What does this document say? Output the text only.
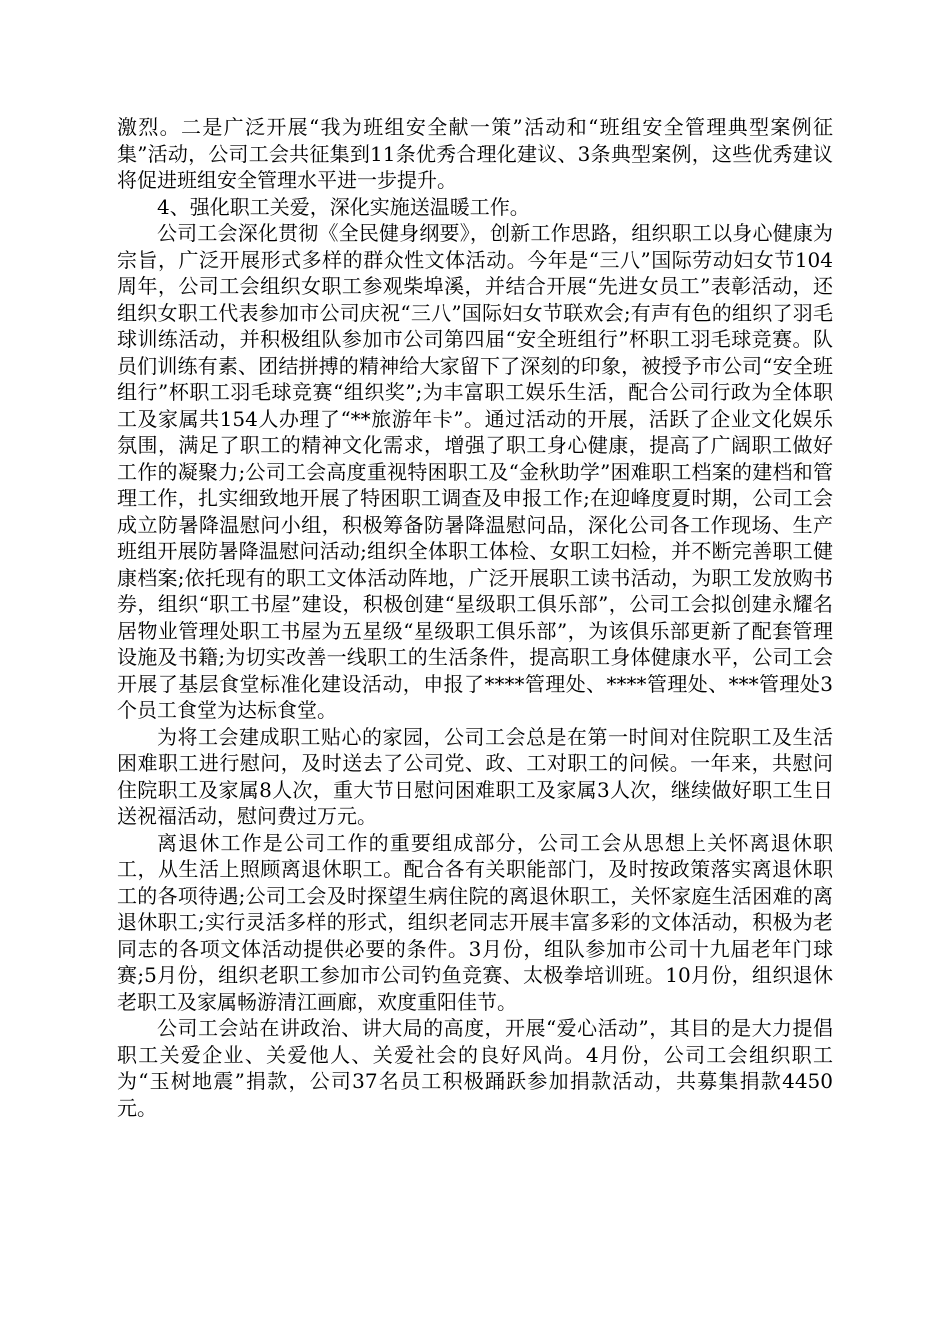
激烈。二是广泛开展“我为班组安全献一策”活动和“班组安全管理典型案例征集”活动，公司工会共征集到11条优秀合理化建议、3条典型案例，这些优秀建议将促进班组安全管理水平进一步提升。

4、强化职工关爱，深化实施送温暖工作。

公司工会深化贯彻《全民健身纲要》，创新工作思路，组织职工以身心健康为宗旨，广泛开展形式多样的群众性文体活动。今年是“三八”国际劳动妇女节104周年，公司工会组织女职工参观柴埠溪，并结合开展“先进女员工”表彰活动，还组织女职工代表参加市公司庆祝“三八”国际妇女节联欢会;有声有色的组织了羽毛球训练活动，并积极组队参加市公司第四届“安全班组行”杯职工羽毛球竞赛。队员们训练有素、团结拼搏的精神给大家留下了深刻的印象，被授予市公司“安全班组行”杯职工羽毛球竞赛“组织奖”;为丰富职工娱乐生活，配合公司行政为全体职工及家属共154人办理了“**旅游年卡”。通过活动的开展，活跃了企业文化娱乐氛围，满足了职工的精神文化需求，增强了职工身心健康，提高了广阔职工做好工作的凝聚力;公司工会高度重视特困职工及“金秋助学”困难职工档案的建档和管理工作，扎实细致地开展了特困职工调查及申报工作;在迎峰度夏时期，公司工会成立防暑降温慰问小组，积极筹备防暑降温慰问品，深化公司各工作现场、生产班组开展防暑降温慰问活动;组织全体职工体检、女职工妇检，并不断完善职工健康档案;依托现有的职工文体活动阵地，广泛开展职工读书活动，为职工发放购书券，组织“职工书屋”建设，积极创建“星级职工俱乐部”，公司工会拟创建永耀名居物业管理处职工书屋为五星级“星级职工俱乐部”，为该俱乐部更新了配套管理设施及书籍;为切实改善一线职工的生活条件，提高职工身体健康水平，公司工会开展了基层食堂标准化建设活动，申报了****管理处、****管理处、***管理处3个员工食堂为达标食堂。

为将工会建成职工贴心的家园，公司工会总是在第一时间对住院职工及生活困难职工进行慰问，及时送去了公司党、政、工对职工的问候。一年来，共慰问住院职工及家属8人次，重大节日慰问困难职工及家属3人次，继续做好职工生日送祝福活动，慰问费过万元。

离退休工作是公司工作的重要组成部分，公司工会从思想上关怀离退休职工，从生活上照顾离退休职工。配合各有关职能部门，及时按政策落实离退休职工的各项待遇;公司工会及时探望生病住院的离退休职工，关怀家庭生活困难的离退休职工;实行灵活多样的形式，组织老同志开展丰富多彩的文体活动，积极为老同志的各项文体活动提供必要的条件。3月份，组队参加市公司十九届老年门球赛;5月份，组织老职工参加市公司钓鱼竞赛、太极拳培训班。10月份，组织退休老职工及家属畅游清江画廊，欢度重阳佳节。

公司工会站在讲政治、讲大局的高度，开展“爱心活动”，其目的是大力提倡职工关爱企业、关爱他人、关爱社会的良好风尚。4月份，公司工会组织职工为“玉树地震”捐款，公司37名员工积极踊跃参加捐款活动，共募集捐款4450元。
